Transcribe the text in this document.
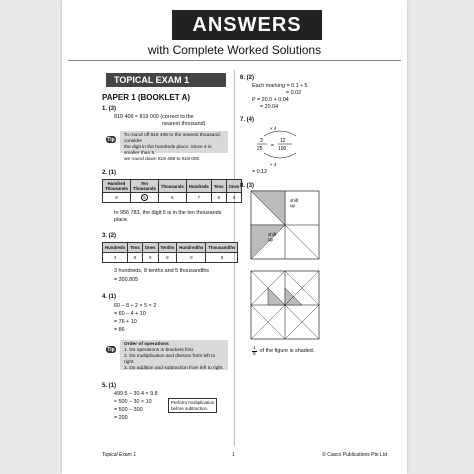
ANSWERS
with Complete Worked Solutions
TOPICAL EXAM 1
PAPER 1 (BOOKLET A)
1. (3)
819 406 ≈ 819 000 (correct to the
nearest thousand)
Tip
To round off 819 406 to the nearest thousand, consider
the digit in the hundreds place. Since 4 is smaller than 5,
we round down 819 406 to 819 000.
2. (1)
Hundred Thousands	Ten Thousands	Thousands	Hundreds	Tens	Ones
9	5	6	7	8	3
In 956 783, the digit 5 is in the ten thousands
place.
3. (2)
Hundreds	Tens	Ones	Tenths	Hundredths	Thousandths
3	0	0	8	0	5
3 hundreds, 8 tenths and 5 thousandths
= 300.805
4. (1)
60 – 8 ÷ 2 × 5 × 2
= 60 – 4 + 10
= 76 + 10
= 86
Tip
Order of operations
1. Do operations in brackets first.
2. Do multiplication and division from left to right.
3. Do addition and subtraction from left to right.
5. (1)
499.5 – 30.4 × 9.8
≈ 500 – 30 × 10
= 500 – 300
= 200
Perform multiplication
before subtraction.
6. (2)
Each marking = 0.1 ÷ 5
= 0.02
P = 20.0 + 0.04
= 20.04
7. (4)
× 4
3
25 =
12
100
× 4
= 0.12
8. (3)
shift
up
shift
up
$\frac{1}{8}$ of the figure is shaded.
Topical Exam 1	© Casco Publications Pte Ltd
1
